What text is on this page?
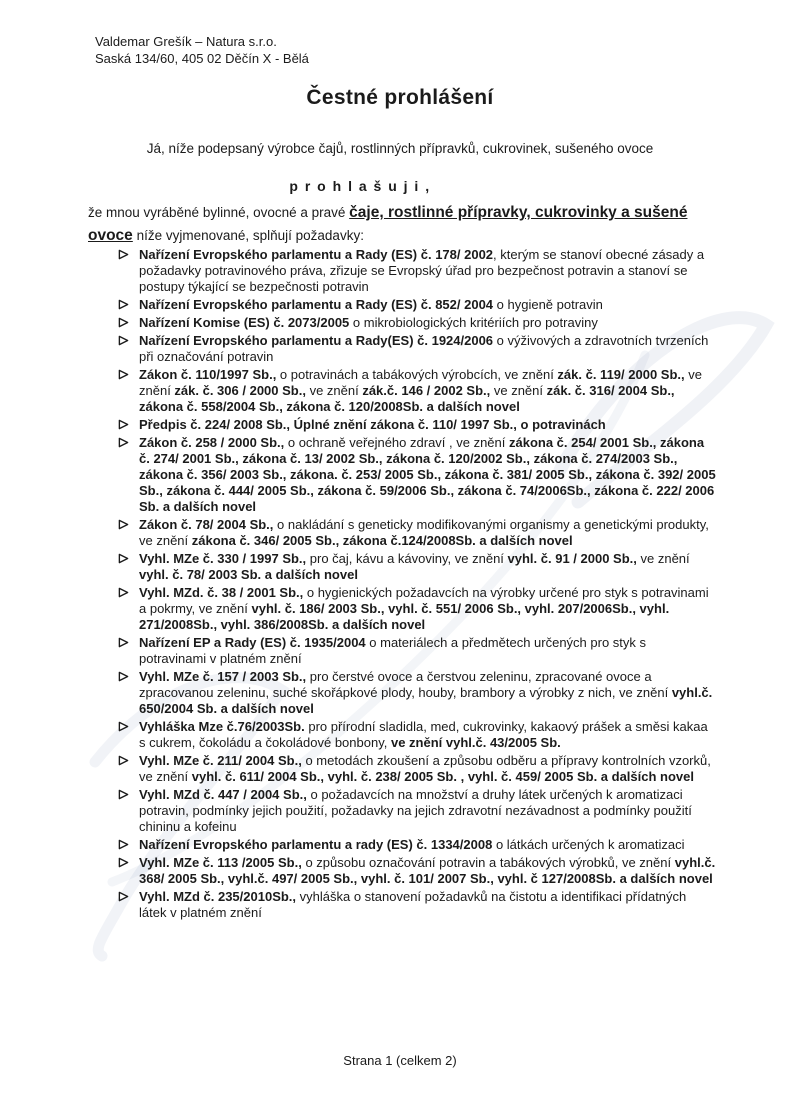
Valdemar Grešík – Natura s.r.o.
Saská 134/60, 405 02 Děčín X - Bělá
Čestné prohlášení
Já, níže podepsaný výrobce čajů, rostlinných přípravků, cukrovinek, sušeného ovoce
p r o h l a š u j i ,
že mnou vyráběné bylinné, ovocné a pravé čaje, rostlinné přípravky, cukrovinky a sušené ovoce níže vyjmenované, splňují požadavky:
Nařízení Evropského parlamentu a Rady (ES) č. 178/ 2002, kterým se stanoví obecné zásady a požadavky potravinového práva, zřizuje se Evropský úřad pro bezpečnost potravin a stanoví se postupy týkající se bezpečnosti potravin
Nařízení Evropského parlamentu a Rady (ES) č. 852/ 2004 o hygieně potravin
Nařízení Komise (ES) č. 2073/2005 o mikrobiologických kritériích pro potraviny
Nařízení Evropského parlamentu a Rady(ES) č. 1924/2006 o výživových a zdravotních tvrzeních při označování potravin
Zákon č. 110/1997 Sb., o potravinách a tabákových výrobcích, ve znění zák. č. 119/ 2000 Sb., ve znění zák. č. 306 / 2000 Sb., ve znění zák.č. 146 / 2002 Sb., ve znění zák. č. 316/ 2004 Sb., zákona č. 558/2004 Sb., zákona č. 120/2008Sb. a dalších novel
Předpis č. 224/ 2008 Sb., Úplné znění zákona č. 110/ 1997 Sb., o potravinách
Zákon č. 258 / 2000 Sb., o ochraně veřejného zdraví , ve znění zákona č. 254/ 2001 Sb., zákona č. 274/ 2001 Sb., zákona č. 13/ 2002 Sb., zákona č. 120/2002 Sb., zákona č. 274/2003 Sb., zákona č. 356/ 2003 Sb., zákona. č. 253/ 2005 Sb., zákona č. 381/ 2005 Sb., zákona č. 392/ 2005 Sb., zákona č. 444/ 2005 Sb., zákona č. 59/2006 Sb., zákona č. 74/2006Sb., zákona č. 222/ 2006 Sb. a dalších novel
Zákon č. 78/ 2004 Sb., o nakládání s geneticky modifikovanými organismy a genetickými produkty, ve znění zákona č. 346/ 2005 Sb., zákona č.124/2008Sb. a dalších novel
Vyhl. MZe č. 330 / 1997 Sb., pro čaj, kávu a kávoviny, ve znění vyhl. č. 91 / 2000 Sb., ve znění vyhl. č. 78/ 2003 Sb. a dalších novel
Vyhl. MZd. č. 38 / 2001 Sb., o hygienických požadavcích na výrobky určené pro styk s potravinami a pokrmy, ve znění vyhl. č. 186/ 2003 Sb., vyhl. č. 551/ 2006 Sb., vyhl. 207/2006Sb., vyhl. 271/2008Sb., vyhl. 386/2008Sb. a dalších novel
Nařízení EP a Rady (ES) č. 1935/2004 o materiálech a předmětech určených pro styk s potravinami v platném znění
Vyhl. MZe č. 157 / 2003 Sb., pro čerstvé ovoce a čerstvou zeleninu, zpracované ovoce a zpracovanou zeleninu, suché skořápkové plody, houby, brambory a výrobky z nich, ve znění vyhl.č. 650/2004 Sb. a dalších novel
Vyhláška Mze č.76/2003Sb. pro přírodní sladidla, med, cukrovinky, kakaový prášek a směsi kakaa s cukrem, čokoládu a čokoládové bonbony, ve znění vyhl.č. 43/2005 Sb.
Vyhl. MZe č. 211/ 2004 Sb., o metodách zkoušení a způsobu odběru a přípravy kontrolních vzorků, ve znění vyhl. č. 611/ 2004 Sb., vyhl. č. 238/ 2005 Sb. , vyhl. č. 459/ 2005 Sb. a dalších novel
Vyhl. MZd č. 447 / 2004 Sb., o požadavcích na množství a druhy látek určených k aromatizaci potravin, podmínky jejich použití, požadavky na jejich zdravotní nezávadnost a podmínky použití chininu a kofeinu
Nařízení Evropského parlamentu a rady (ES) č. 1334/2008 o látkách určených k aromatizaci
Vyhl. MZe č. 113 /2005 Sb., o způsobu označování potravin a tabákových výrobků, ve znění vyhl.č. 368/ 2005 Sb., vyhl.č. 497/ 2005 Sb., vyhl. č. 101/ 2007 Sb., vyhl. č 127/2008Sb. a dalších novel
Vyhl. MZd č. 235/2010Sb., vyhláška o stanovení požadavků na čistotu a identifikaci přídatných látek v platném znění
Strana 1 (celkem 2)
